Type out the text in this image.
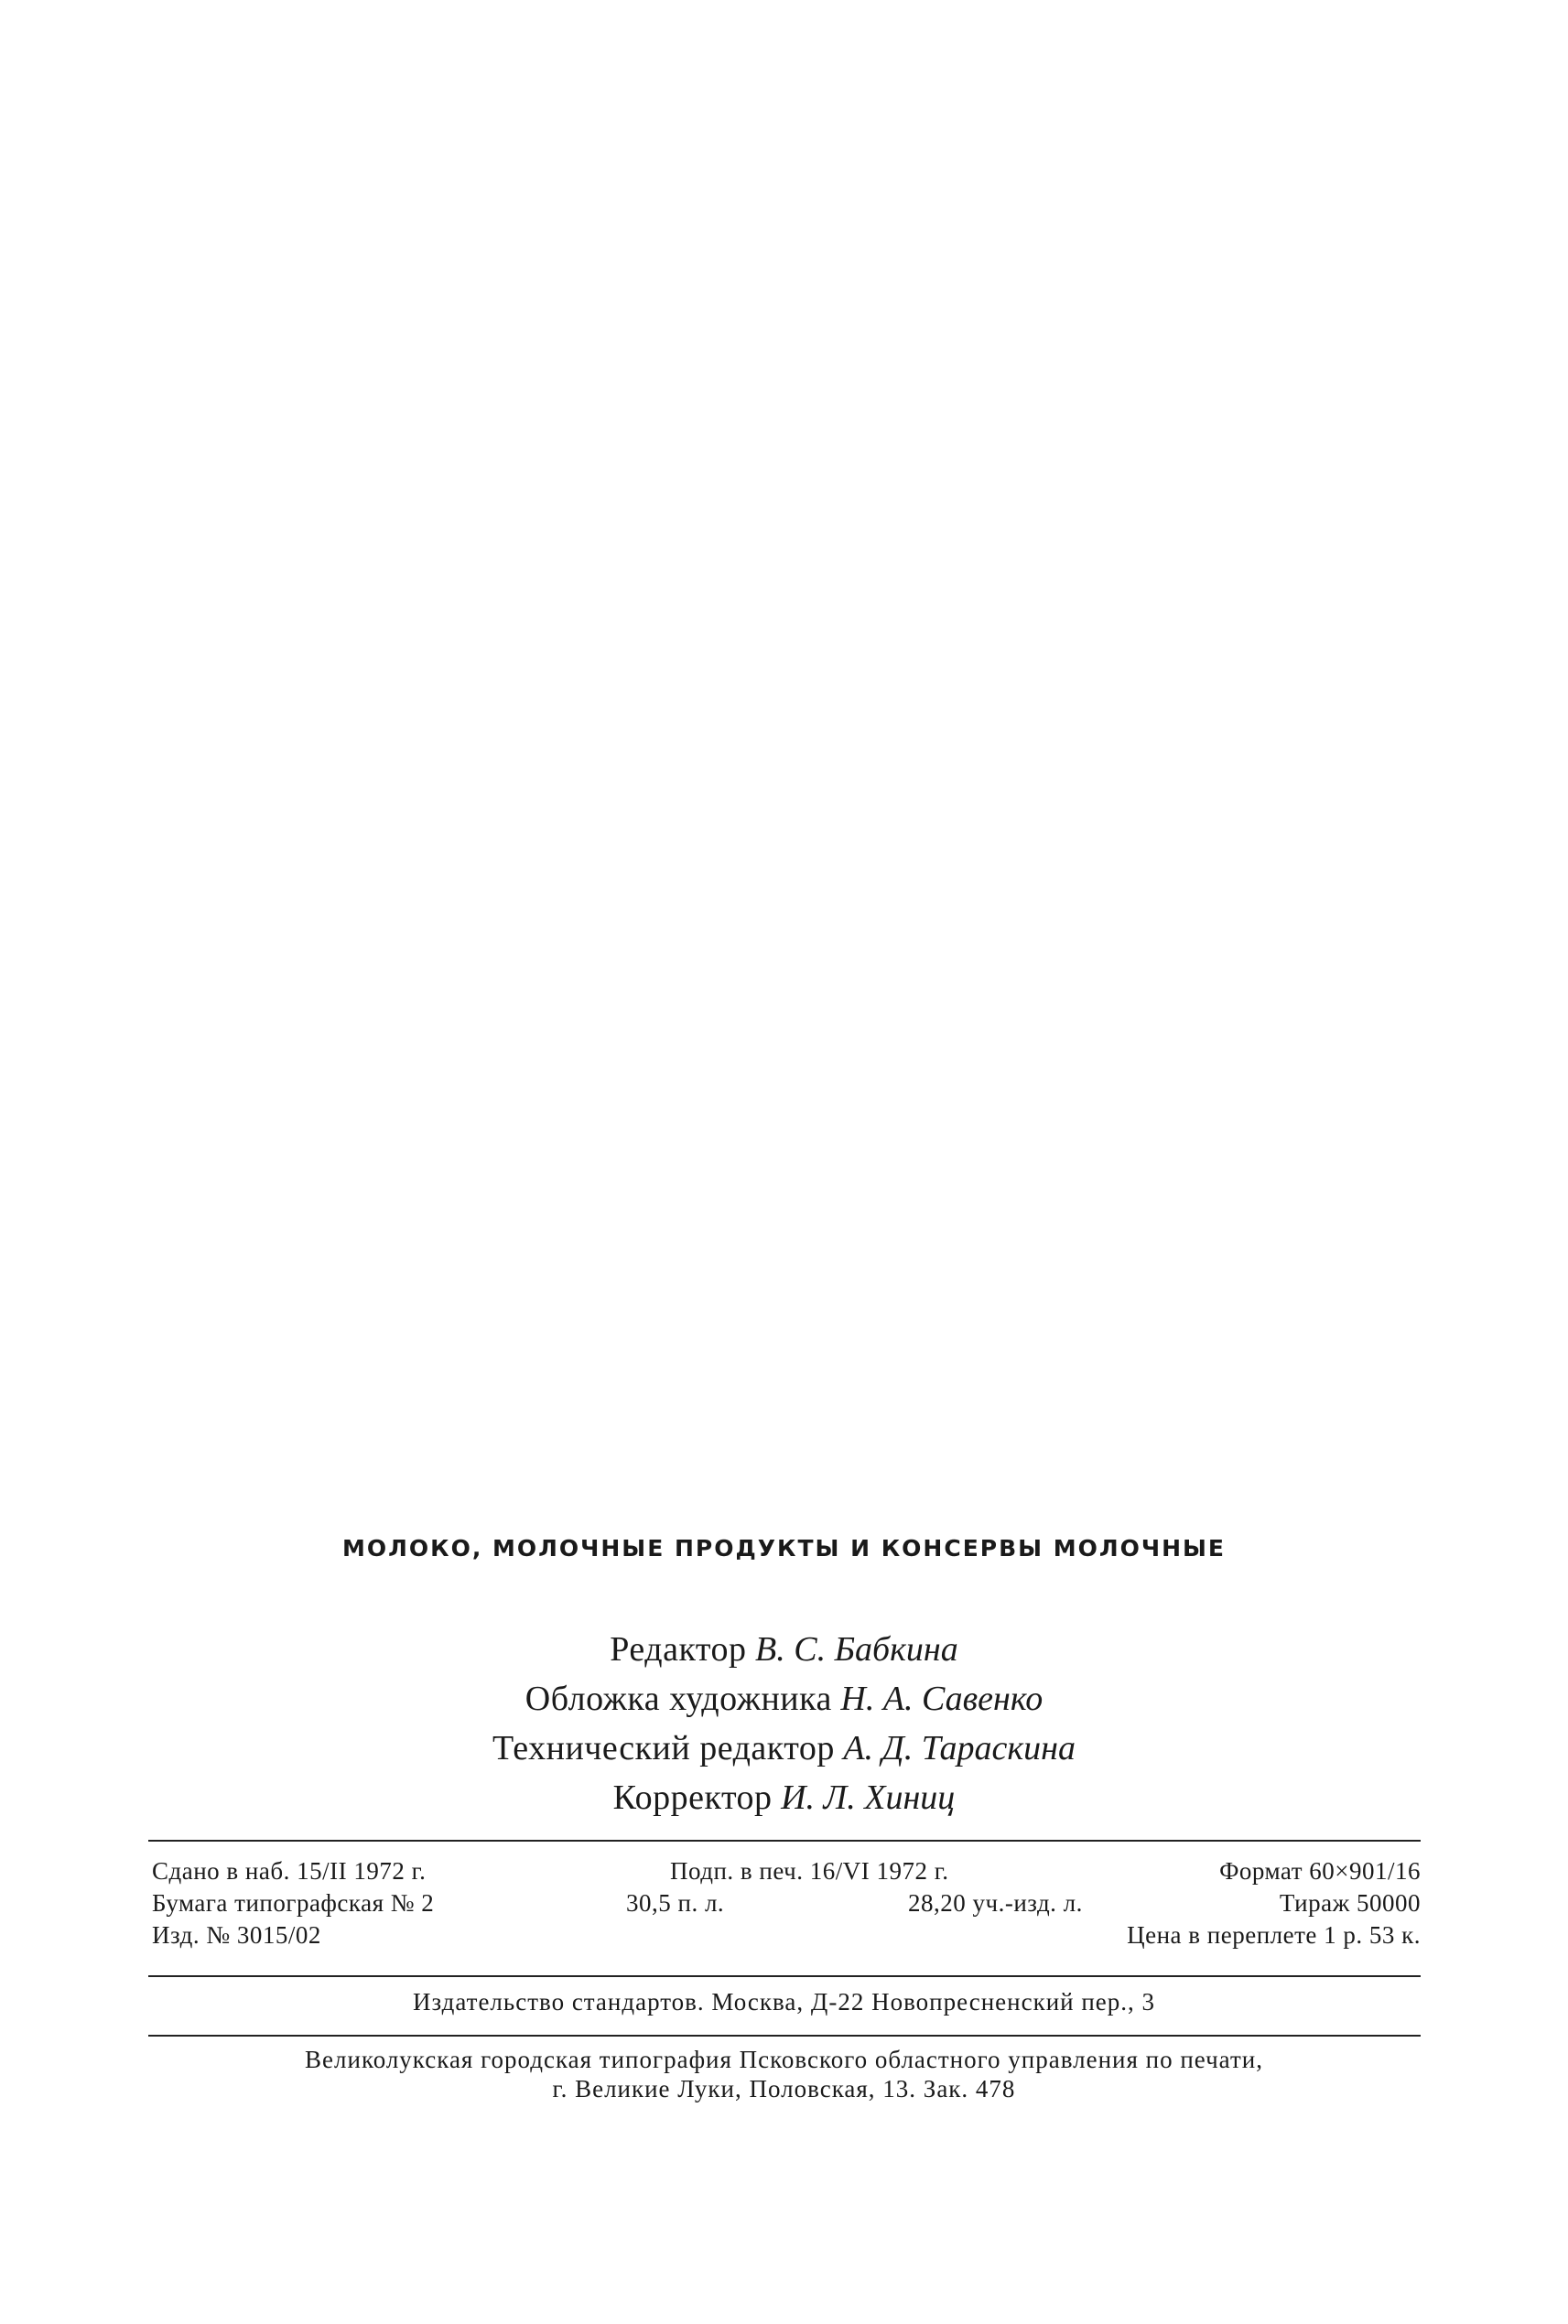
МОЛОКО, МОЛОЧНЫЕ ПРОДУКТЫ И КОНСЕРВЫ МОЛОЧНЫЕ
Редактор В. С. Бабкина
Обложка художника Н. А. Савенко
Технический редактор А. Д. Тараскина
Корректор И. Л. Хиниц
Сдано в наб. 15/II 1972 г.	Подп. в печ. 16/VI 1972 г.	Формат 60×901/16
Бумага типографская № 2	30,5 п. л.	28,20 уч.-изд. л.	Тираж 50000
Изд. № 3015/02	Цена в переплете 1 р. 53 к.
Издательство стандартов. Москва, Д-22 Новопресненский пер., 3
Великолукская городская типография Псковского областного управления по печати,
г. Великие Луки, Половская, 13. Зак. 478
